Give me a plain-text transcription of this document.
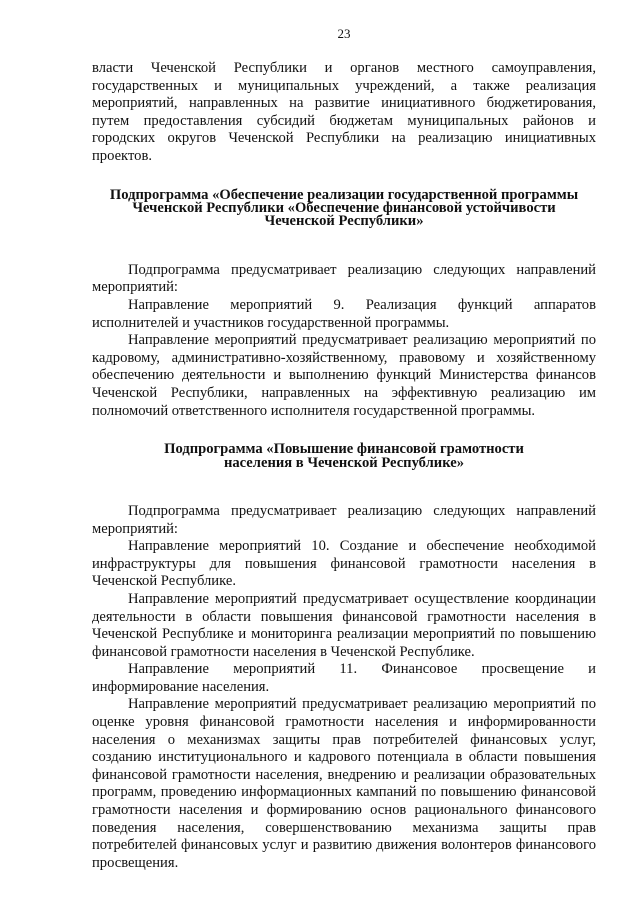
23

власти Чеченской Республики и органов местного самоуправления, государственных и муниципальных учреждений, а также реализация мероприятий, направленных на развитие инициативного бюджетирования, путем предоставления субсидий бюджетам муниципальных районов и городских округов Чеченской Республики на реализацию инициативных проектов.

Подпрограмма «Обеспечение реализации государственной программы
Чеченской Республики «Обеспечение финансовой устойчивости
Чеченской Республики»

Подпрограмма предусматривает реализацию следующих направлений мероприятий:

Направление мероприятий 9. Реализация функций аппаратов исполнителей и участников государственной программы.

Направление мероприятий предусматривает реализацию мероприятий по кадровому, административно-хозяйственному, правовому и хозяйственному обеспечению деятельности и выполнению функций Министерства финансов Чеченской Республики, направленных на эффективную реализацию им полномочий ответственного исполнителя государственной программы.

Подпрограмма «Повышение финансовой грамотности
населения в Чеченской Республике»

Подпрограмма предусматривает реализацию следующих направлений мероприятий:

Направление мероприятий 10. Создание и обеспечение необходимой инфраструктуры для повышения финансовой грамотности населения в Чеченской Республике.

Направление мероприятий предусматривает осуществление координации деятельности в области повышения финансовой грамотности населения в Чеченской Республике и мониторинга реализации мероприятий по повышению финансовой грамотности населения в Чеченской Республике.

Направление мероприятий 11. Финансовое просвещение и информирование населения.

Направление мероприятий предусматривает реализацию мероприятий по оценке уровня финансовой грамотности населения и информированности населения о механизмах защиты прав потребителей финансовых услуг, созданию институционального и кадрового потенциала в области повышения финансовой грамотности населения, внедрению и реализации образовательных программ, проведению информационных кампаний по повышению финансовой грамотности населения и формированию основ рационального финансового поведения населения, совершенствованию механизма защиты прав потребителей финансовых услуг и развитию движения волонтеров финансового просвещения.
